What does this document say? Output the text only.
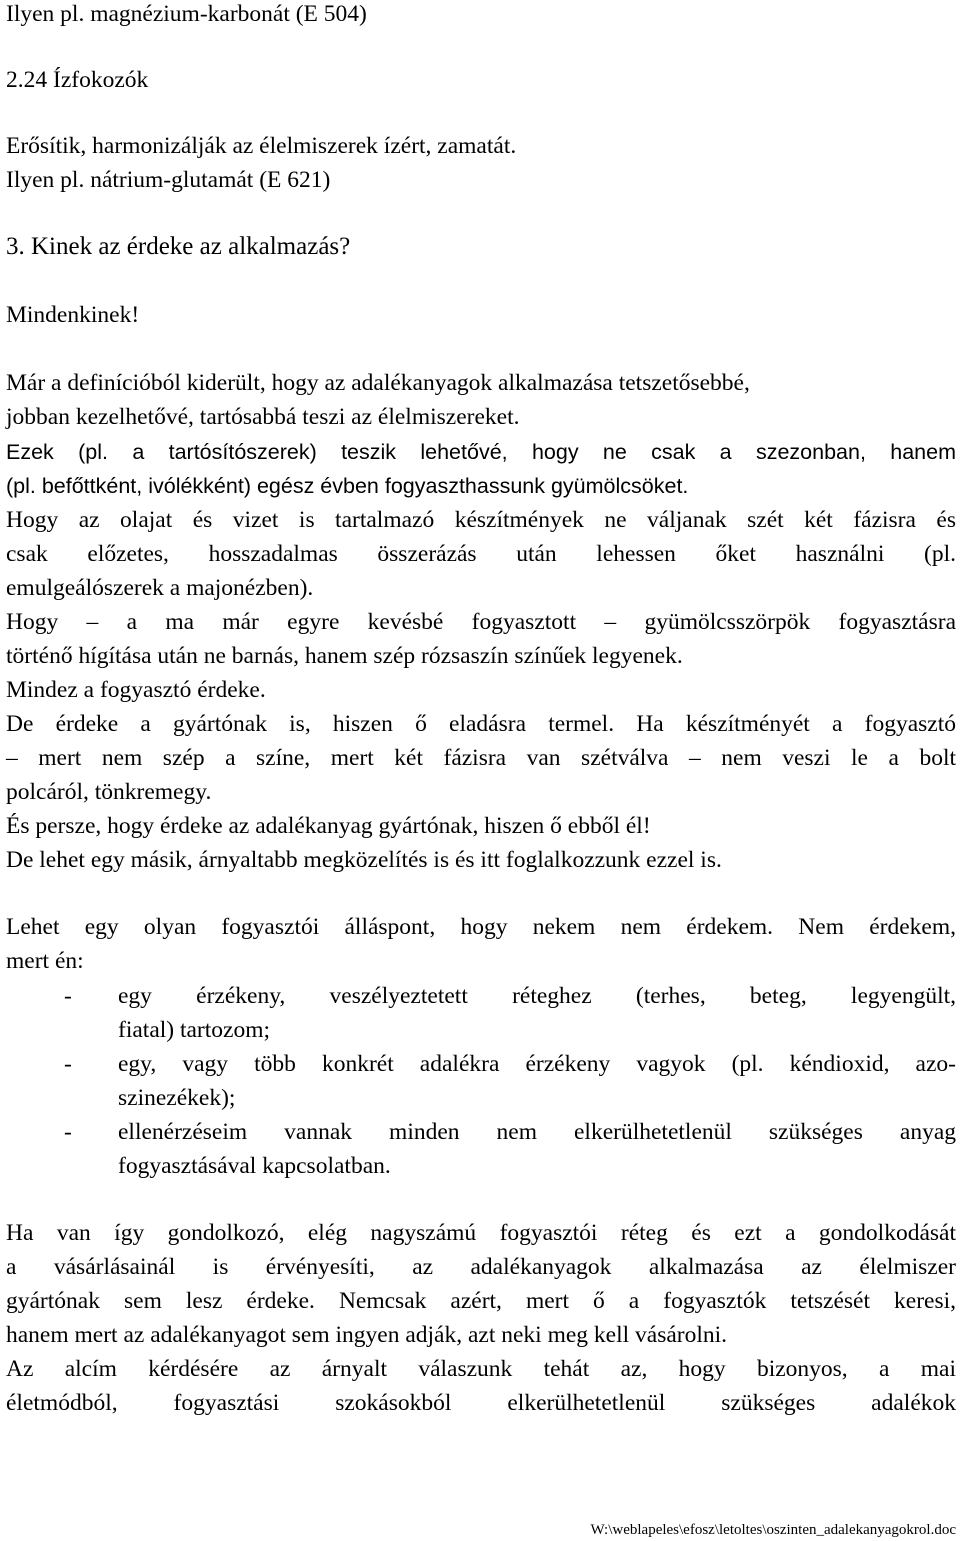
Ilyen pl. magnézium-karbonát (E 504)
2.24 Ízfokozók
Erősítik, harmonizálják az élelmiszerek ízért, zamatát.
Ilyen pl. nátrium-glutamát (E 621)
3. Kinek az érdeke az alkalmazás?
Mindenkinek!
Már a definícióból kiderült, hogy az adalékanyagok alkalmazása tetszetősebbé,
jobban kezelhetővé, tartósabbá teszi az élelmiszereket.
Ezek (pl. a tartósítószerek) teszik lehetővé, hogy ne csak a szezonban, hanem
(pl. befőttként, ivólékként) egész évben fogyaszthassunk gyümölcsöket.
Hogy az olajat és vizet is tartalmazó készítmények ne váljanak szét két fázisra és
csak előzetes, hosszadalmas összerázás után lehessen őket használni (pl.
emulgeálószerek a majonézben).
Hogy – a ma már egyre kevésbé fogyasztott – gyümölcsszörpök fogyasztásra
történő hígítása után ne barnás, hanem szép rózsaszín színűek legyenek.
Mindez a fogyasztó érdeke.
De érdeke a gyártónak is, hiszen ő eladásra termel. Ha készítményét a fogyasztó
– mert nem szép a színe, mert két fázisra van szétválva – nem veszi le a bolt
polcáról, tönkremegy.
És persze, hogy érdeke az adalékanyag gyártónak, hiszen ő ebből él!
De lehet egy másik, árnyaltabb megközelítés is és itt foglalkozzunk ezzel is.
Lehet egy olyan fogyasztói álláspont, hogy nekem nem érdekem. Nem érdekem,
mert én:
- egy érzékeny, veszélyeztetett réteghez (terhes, beteg, legyengült,
fiatal) tartozom;
- egy, vagy több konkrét adalékra érzékeny vagyok (pl. kéndioxid, azo-
szinezékek);
- ellenérzéseim vannak minden nem elkerülhetetlenül szükséges anyag
fogyasztásával kapcsolatban.
Ha van így gondolkozó, elég nagyszámú fogyasztói réteg és ezt a gondolkodását
a vásárlásainál is érvényesíti, az adalékanyagok alkalmazása az élelmiszer
gyártónak sem lesz érdeke. Nemcsak azért, mert ő a fogyasztók tetszését keresi,
hanem mert az adalékanyagot sem ingyen adják, azt neki meg kell vásárolni.
Az alcím kérdésére az árnyalt válaszunk tehát az, hogy bizonyos, a mai
életmódból, fogyasztási szokásokból elkerülhetetlenül szükséges adalékok
W:\weblapeles\efosz\letoltes\oszinten_adalekanyagokrol.doc
